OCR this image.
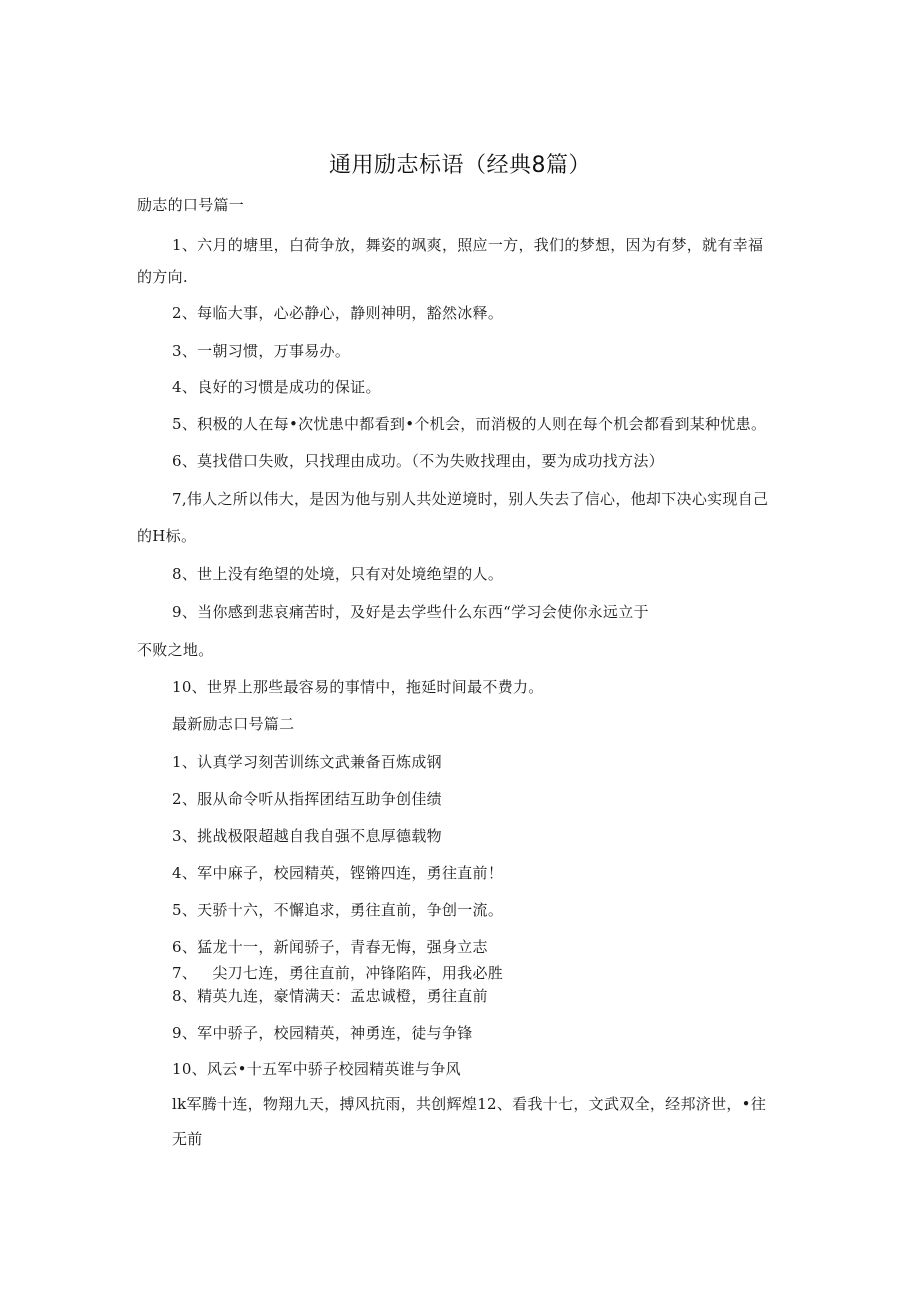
通用励志标语（经典8篇）
励志的口号篇一
1、六月的塘里，白荷争放，舞姿的飒爽，照应一方，我们的梦想，因为有梦，就有幸福
的方向.
2、每临大事，心必静心，静则神明，豁然冰释。
3、一朝习惯，万事易办。
4、良好的习惯是成功的保证。
5、积极的人在每•次忧患中都看到•个机会，而消极的人则在每个机会都看到某种忧患。
6、莫找借口失败，只找理由成功。（不为失败找理由，要为成功找方法）
7,伟人之所以伟大，是因为他与别人共处逆境时，别人失去了信心，他却下决心实现自己
的H标。
8、世上没有绝望的处境，只有对处境绝望的人。
9、当你感到悲哀痛苦时，及好是去学些什么东西“学习会使你永远立于
不败之地。
10、世界上那些最容易的事情中，拖延时间最不费力。
最新励志口号篇二
1、认真学习刻苦训练文武兼备百炼成钢
2、服从命令听从指挥团结互助争创佳绩
3、挑战极限超越自我自强不息厚德载物
4、军中麻子，校园精英，铿锵四连，勇往直前！
5、天骄十六，不懈追求，勇往直前，争创一流。
6、猛龙十一，新闻骄子，青春无悔，强身立志
7、   尖刀七连，勇往直前，冲锋陷阵，用我必胜
8、精英九连，豪情满天：孟忠诚橙，勇往直前
9、军中骄子，校园精英，神勇连，徒与争锋
10、风云•十五军中骄子校园精英谁与争风
lk军腾十连，物翔九天，搏风抗雨，共创辉煌12、看我十七，文武双全，经邦济世，•往
无前
